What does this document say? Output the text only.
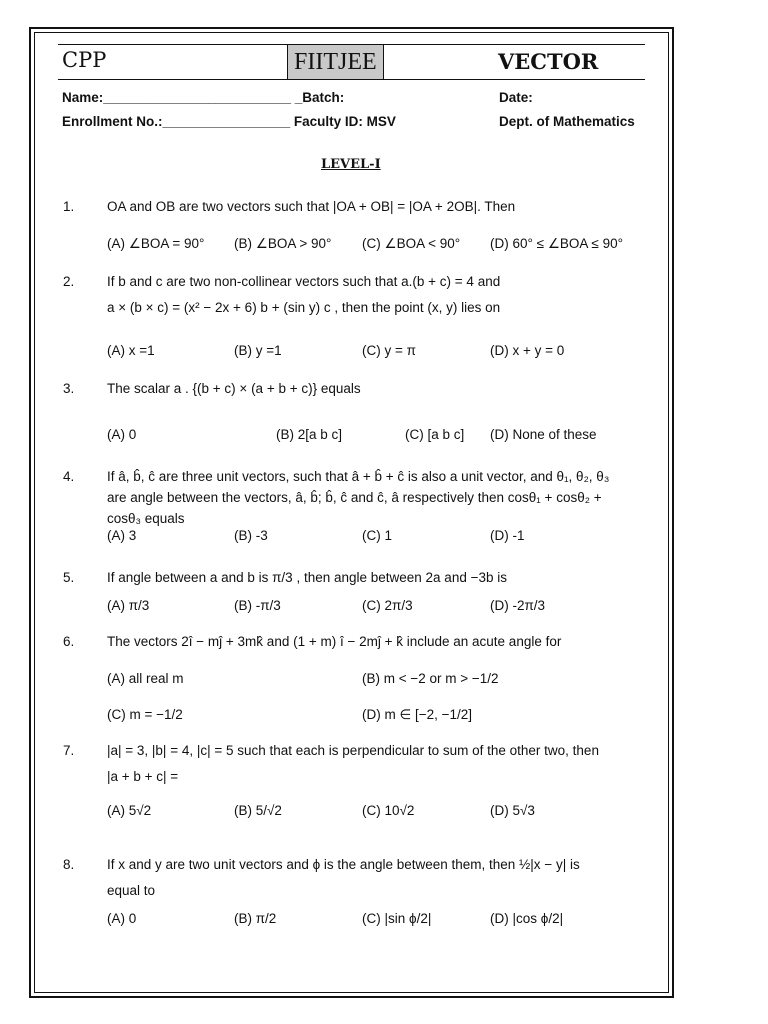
CPP	FIITJEE	VECTOR
Name:_________________________ _Batch:	Date:
Enrollment No.:_________________ Faculty ID: MSV	Dept. of Mathematics
LEVEL-I
1. OA and OB are two vectors such that |OA + OB| = |OA + 2OB|. Then
(A) ∠BOA = 90° (B) ∠BOA > 90° (C) ∠BOA < 90° (D) 60° ≤ ∠BOA ≤ 90°
2. If b and c are two non-collinear vectors such that a.(b + c) = 4 and
a × (b × c) = (x² − 2x + 6) b + (sin y) c , then the point (x, y) lies on
(A) x =1	(B) y =1	(C) y = π	(D) x + y = 0
3. The scalar a . {(b + c) × (a + b + c)} equals
(A) 0	(B) 2[a b c]	(C) [a b c] (D) None of these
4. If â, b̂, ĉ are three unit vectors, such that â + b̂ + ĉ is also a unit vector, and θ₁, θ₂, θ₃
are angle between the vectors, â, b̂; b̂, ĉ and ĉ, â respectively then cosθ₁ + cosθ₂ +
cosθ₃ equals
(A) 3	(B) -3	(C) 1	(D) -1
5. If angle between a and b is π/3 , then angle between 2a and −3b is
(A) π/3	(B) -π/3	(C) 2π/3	(D) -2π/3
6. The vectors 2î − mĵ + 3mk̂ and (1 + m) î − 2mĵ + k̂ include an acute angle for
(A) all real m	(B) m < −2 or m > −1/2
(C) m = −1/2	(D) m ∈ [−2, −1/2]
7. |a| = 3, |b| = 4, |c| = 5 such that each is perpendicular to sum of the other two, then
|a + b + c| =
(A) 5√2	(B) 5/√2	(C) 10√2	(D) 5√3
8. If x and y are two unit vectors and ϕ is the angle between them, then ½|x − y| is
equal to
(A) 0	(B) π/2	(C) |sin ϕ/2|	(D) |cos ϕ/2|
